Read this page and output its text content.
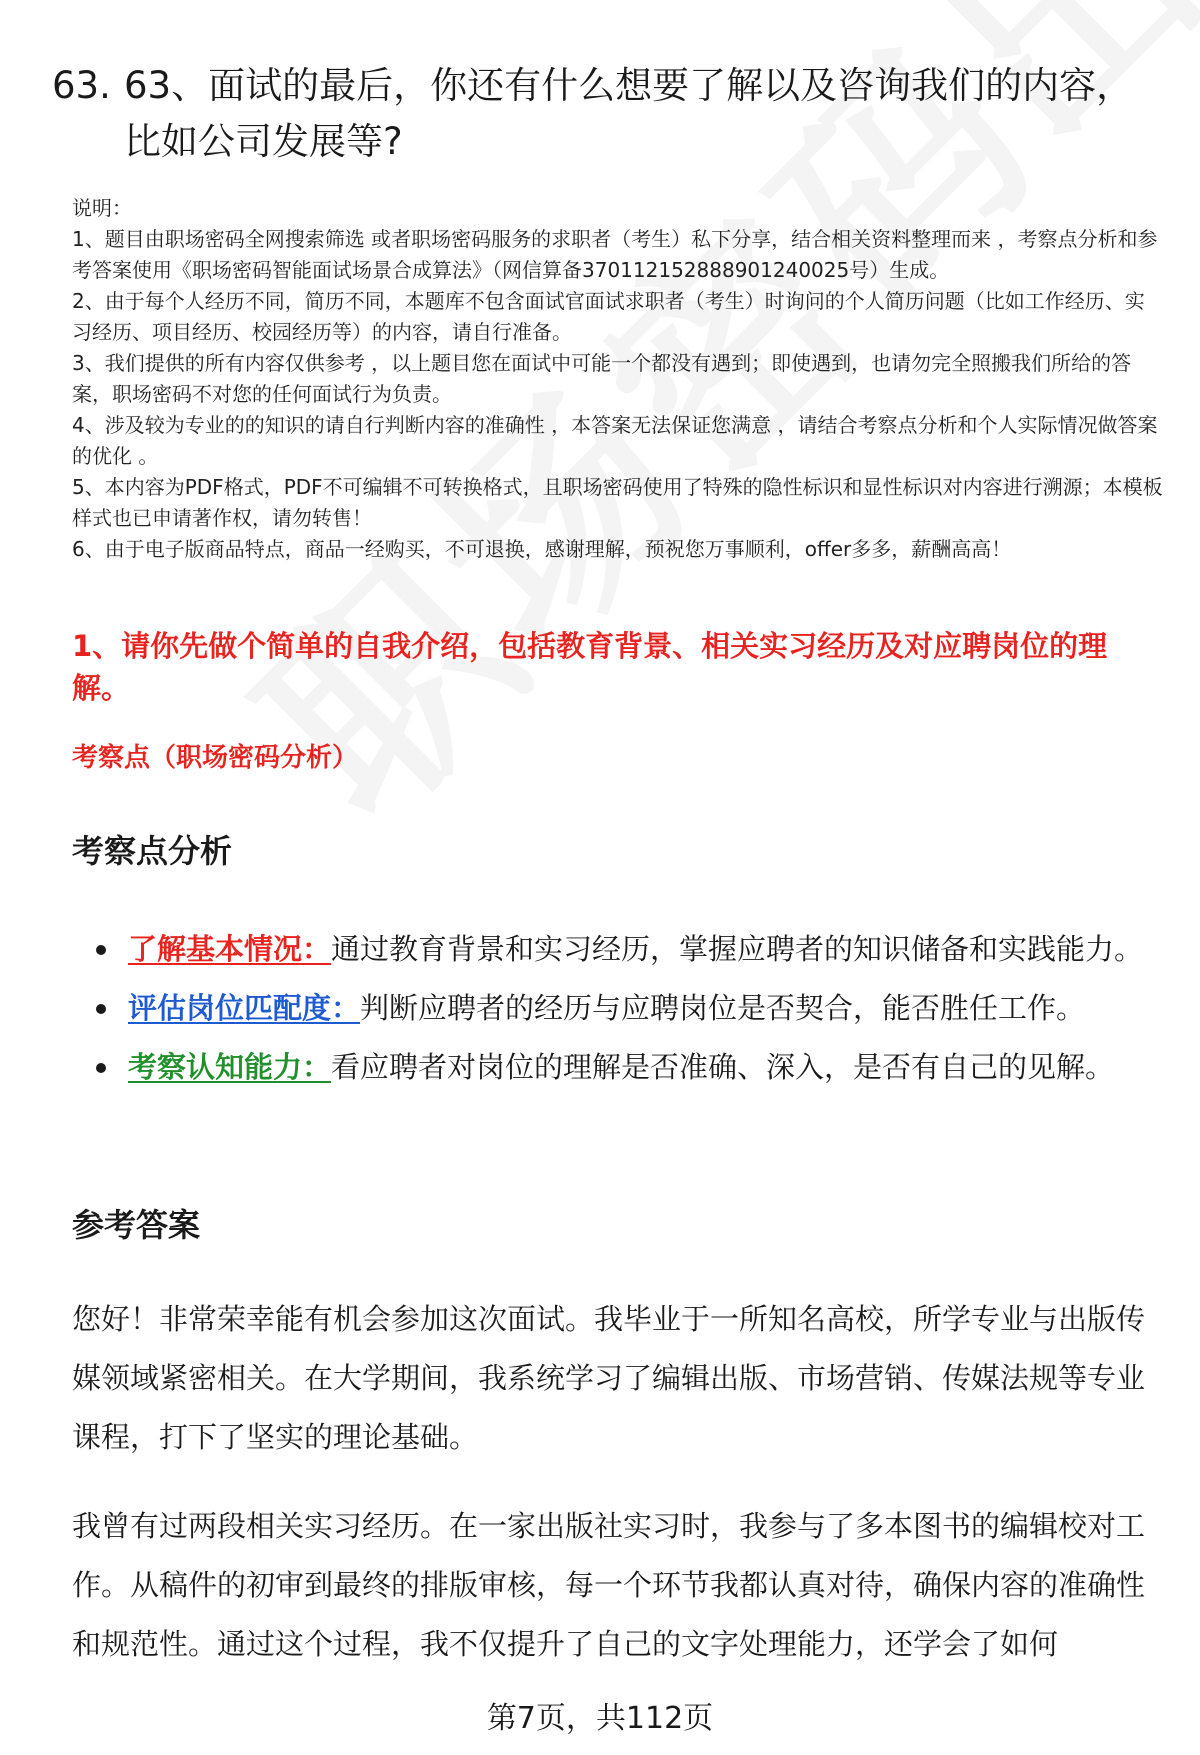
63. 63、面试的最后，你还有什么想要了解以及咨询我们的内容，比如公司发展等?

说明：

1、题目由职场密码全网搜索筛选 或者职场密码服务的求职者（考生）私下分享，结合相关资料整理而来 ，考察点分析和参考答案使用《职场密码智能面试场景合成算法》（网信算备370112152888901240025号）生成。

2、由于每个人经历不同，简历不同，本题库不包含面试官面试求职者（考生）时询问的个人简历问题（比如工作经历、实习经历、项目经历、校园经历等）的内容，请自行准备。

3、我们提供的所有内容仅供参考 ，以上题目您在面试中可能一个都没有遇到；即使遇到，也请勿完全照搬我们所给的答案，职场密码不对您的任何面试行为负责。

4、涉及较为专业的的知识的请自行判断内容的准确性 ，本答案无法保证您满意 ，请结合考察点分析和个人实际情况做答案的优化 。

5、本内容为PDF格式，PDF不可编辑不可转换格式，且职场密码使用了特殊的隐性标识和显性标识对内容进行溯源；本模板样式也已申请著作权，请勿转售！

6、由于电子版商品特点，商品一经购买，不可退换，感谢理解，预祝您万事顺利，offer多多，薪酬高高！

1、请你先做个简单的自我介绍，包括教育背景、相关实习经历及对应聘岗位的理解。
考察点（职场密码分析）
考察点分析
了解基本情况：通过教育背景和实习经历，掌握应聘者的知识储备和实践能力。
评估岗位匹配度：判断应聘者的经历与应聘岗位是否契合，能否胜任工作。
考察认知能力：看应聘者对岗位的理解是否准确、深入，是否有自己的见解。
参考答案

您好！非常荣幸能有机会参加这次面试。我毕业于一所知名高校，所学专业与出版传媒领域紧密相关。在大学期间，我系统学习了编辑出版、市场营销、传媒法规等专业课程，打下了坚实的理论基础。

我曾有过两段相关实习经历。在一家出版社实习时，我参与了多本图书的编辑校对工作。从稿件的初审到最终的排版审核，每一个环节我都认真对待，确保内容的准确性和规范性。通过这个过程，我不仅提升了自己的文字处理能力，还学会了如何

第7页，共112页
